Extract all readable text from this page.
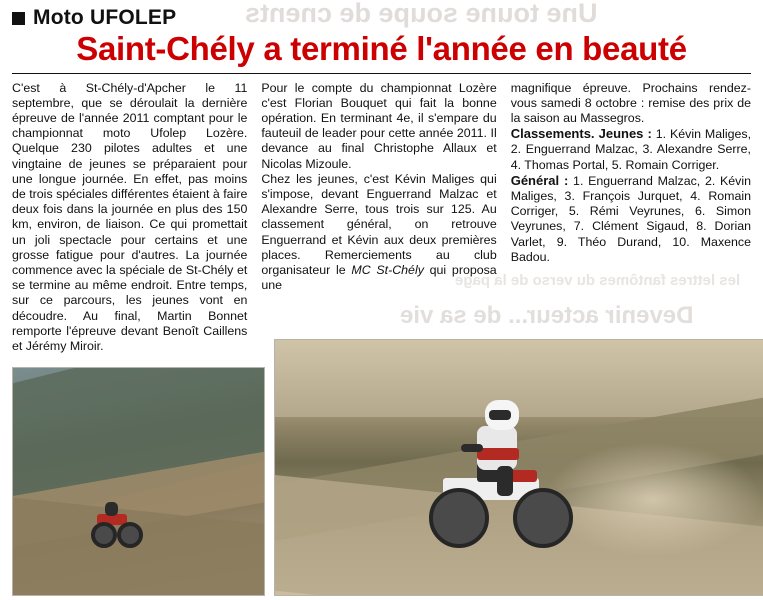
Une toune soupe de cnents
les lettres fantômes du verso de la page
Devenir acteur... de sa vie
Moto UFOLEP
Saint-Chély a terminé l'année en beauté

C'est à St-Chély-d'Apcher le 11 septembre, que se déroulait la dernière épreuve de l'année 2011 comptant pour le championnat moto Ufolep Lozère. Quelque 230 pilotes adultes et une vingtaine de jeunes se préparaient pour une longue journée. En effet, pas moins de trois spéciales différentes étaient à faire deux fois dans la journée en plus des 150 km, environ, de liaison. Ce qui promettait un joli spectacle pour certains et une grosse fatigue pour d'autres. La journée commence avec la spéciale de St-Chély et se termine au même endroit. Entre temps, sur ce parcours, les jeunes vont en découdre. Au final, Martin Bonnet remporte l'épreuve devant Benoît Caillens et Jérémy Miroir.

Pour le compte du championnat Lozère c'est Florian Bouquet qui fait la bonne opération. En terminant 4e, il s'empare du fauteuil de leader pour cette année 2011. Il devance au final Christophe Allaux et Nicolas Mizoule.

Chez les jeunes, c'est Kévin Maliges qui s'impose, devant Enguerrand Malzac et Alexandre Serre, tous trois sur 125. Au classement général, on retrouve Enguerrand et Kévin aux deux premières places. Remerciements au club organisateur le MC St-Chély qui proposa une

magnifique épreuve. Prochains rendez-vous samedi 8 octobre : remise des prix de la saison au Massegros.

Classements. Jeunes : 1. Kévin Maliges, 2. Enguerrand Malzac, 3. Alexandre Serre, 4. Thomas Portal, 5. Romain Corriger.

Général : 1. Enguerrand Malzac, 2. Kévin Maliges, 3. François Jurquet, 4. Romain Corriger, 5. Rémi Veyrunes, 6. Simon Veyrunes, 7. Clément Sigaud, 8. Dorian Varlet, 9. Théo Durand, 10. Maxence Badou.
